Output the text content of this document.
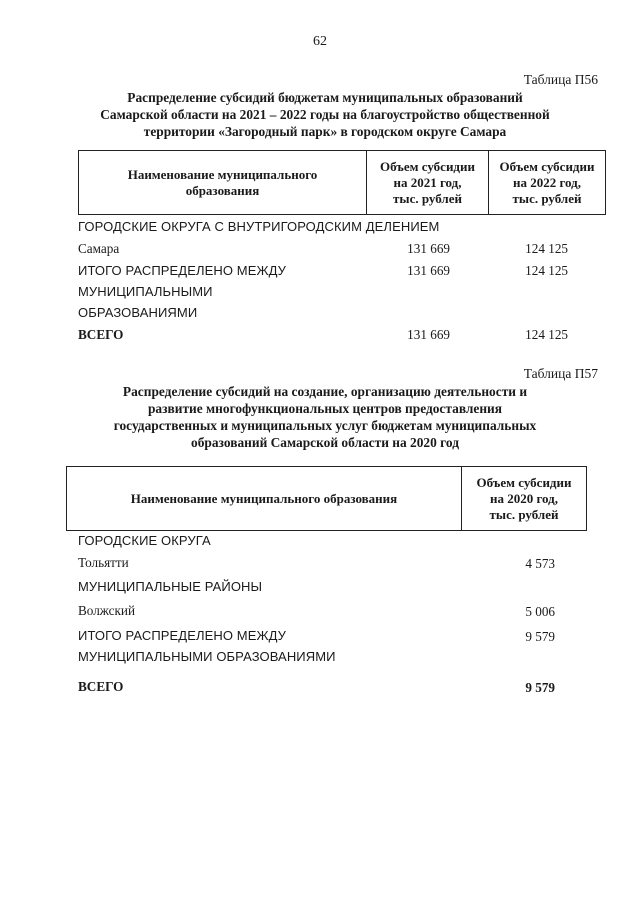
62
Таблица П56
Распределение субсидий бюджетам муниципальных образований
Самарской области на 2021 – 2022 годы на благоустройство общественной
территории «Загородный парк» в городском округе Самара
Наименование муниципального
образования

Объем субсидии
на 2021 год,
тыс. рублей

Объем субсидии
на 2022 год,
тыс. рублей
ГОРОДСКИЕ ОКРУГА С ВНУТРИГОРОДСКИМ ДЕЛЕНИЕМ
Самара	131 669	124 125
ИТОГО РАСПРЕДЕЛЕНО МЕЖДУ
МУНИЦИПАЛЬНЫМИ
ОБРАЗОВАНИЯМИ
131 669	124 125
ВСЕГО	131 669	124 125
Таблица П57
Распределение субсидий на создание, организацию деятельности и
развитие многофункциональных центров предоставления
государственных и муниципальных услуг бюджетам муниципальных
образований Самарской области на 2020 год
Наименование муниципального образования

Объем субсидии
на 2020 год,
тыс. рублей
ГОРОДСКИЕ ОКРУГА
Тольятти	4 573
МУНИЦИПАЛЬНЫЕ РАЙОНЫ
Волжский	5 006
ИТОГО РАСПРЕДЕЛЕНО МЕЖДУ
МУНИЦИПАЛЬНЫМИ ОБРАЗОВАНИЯМИ
9 579
ВСЕГО	9 579
